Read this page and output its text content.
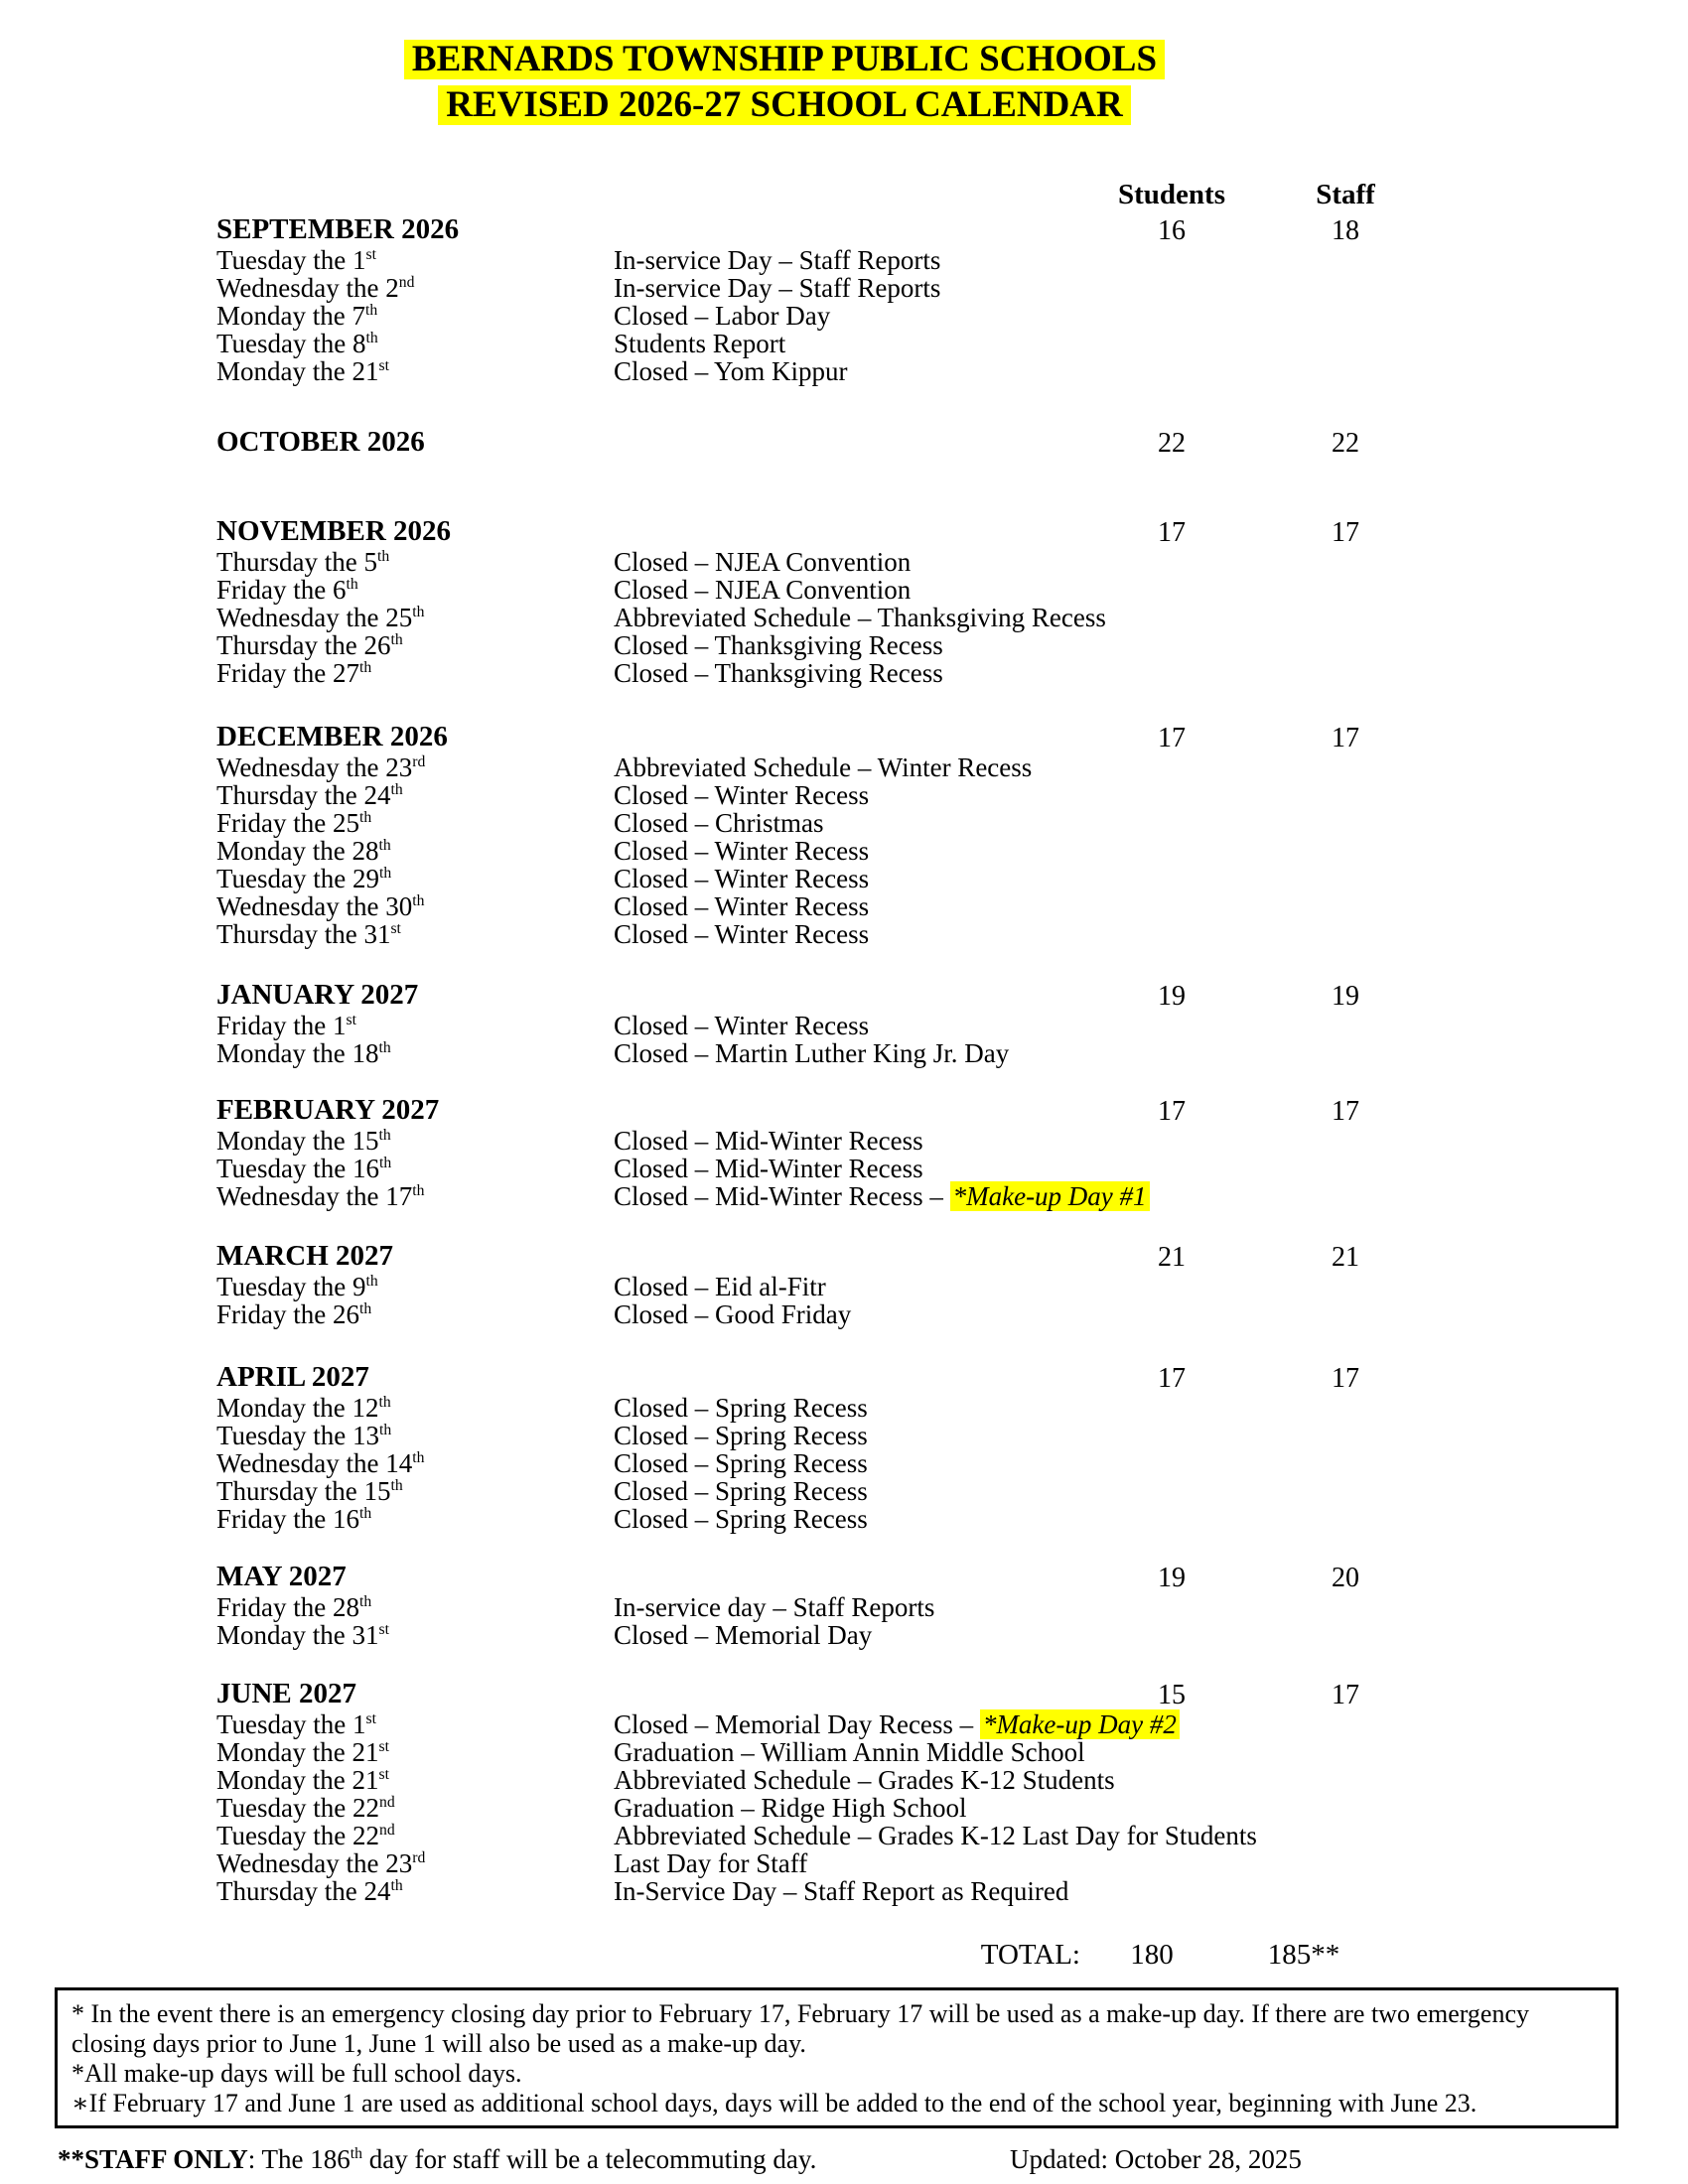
BERNARDS TOWNSHIP PUBLIC SCHOOLS
REVISED 2026-27 SCHOOL CALENDAR
Students	Staff
SEPTEMBER 2026	16	18
Tuesday the 1st	In-service Day – Staff Reports
Wednesday the 2nd	In-service Day – Staff Reports
Monday the 7th	Closed – Labor Day
Tuesday the 8th	Students Report
Monday the 21st	Closed – Yom Kippur
OCTOBER 2026	22	22
NOVEMBER 2026	17	17
Thursday the 5th	Closed – NJEA Convention
Friday the 6th	Closed – NJEA Convention
Wednesday the 25th	Abbreviated Schedule – Thanksgiving Recess
Thursday the 26th	Closed – Thanksgiving Recess
Friday the 27th	Closed – Thanksgiving Recess
DECEMBER 2026	17	17
Wednesday the 23rd	Abbreviated Schedule – Winter Recess
Thursday the 24th	Closed – Winter Recess
Friday the 25th	Closed – Christmas
Monday the 28th	Closed – Winter Recess
Tuesday the 29th	Closed – Winter Recess
Wednesday the 30th	Closed – Winter Recess
Thursday the 31st	Closed – Winter Recess
JANUARY 2027	19	19
Friday the 1st	Closed – Winter Recess
Monday the 18th	Closed – Martin Luther King Jr. Day
FEBRUARY 2027	17	17
Monday the 15th	Closed – Mid-Winter Recess
Tuesday the 16th	Closed – Mid-Winter Recess
Wednesday the 17th	Closed – Mid-Winter Recess – *Make-up Day #1
MARCH 2027	21	21
Tuesday the 9th	Closed – Eid al-Fitr
Friday the 26th	Closed – Good Friday
APRIL 2027	17	17
Monday the 12th	Closed – Spring Recess
Tuesday the 13th	Closed – Spring Recess
Wednesday the 14th	Closed – Spring Recess
Thursday the 15th	Closed – Spring Recess
Friday the 16th	Closed – Spring Recess
MAY 2027	19	20
Friday the 28th	In-service day – Staff Reports
Monday the 31st	Closed – Memorial Day
JUNE 2027	15	17
Tuesday the 1st	Closed – Memorial Day Recess – *Make-up Day #2
Monday the 21st	Graduation – William Annin Middle School
Monday the 21st	Abbreviated Schedule – Grades K-12 Students
Tuesday the 22nd	Graduation – Ridge High School
Tuesday the 22nd	Abbreviated Schedule – Grades K-12 Last Day for Students
Wednesday the 23rd	Last Day for Staff
Thursday the 24th	In-Service Day – Staff Report as Required
TOTAL:	180	185**

* In the event there is an emergency closing day prior to February 17, February 17 will be used as a make-up day. If there are two emergency closing days prior to June 1, June 1 will also be used as a make-up day.

*All make-up days will be full school days.

∗If February 17 and June 1 are used as additional school days, days will be added to the end of the school year, beginning with June 23.

**STAFF ONLY: The 186th day for staff will be a telecommuting day.	Updated: October 28, 2025
